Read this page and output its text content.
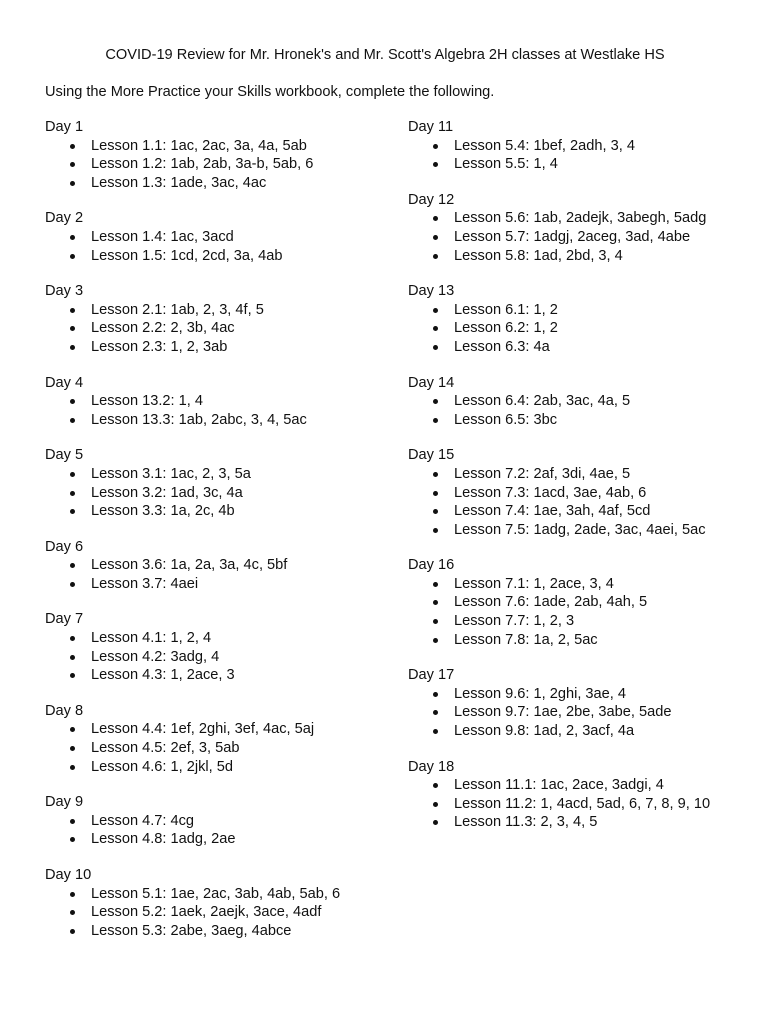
COVID-19 Review for Mr. Hronek's and Mr. Scott's Algebra 2H classes at Westlake HS

Using the More Practice your Skills workbook, complete the following.

Day 1

Lesson 1.1: 1ac, 2ac, 3a, 4a, 5ab
Lesson 1.2: 1ab, 2ab, 3a-b, 5ab, 6
Lesson 1.3: 1ade, 3ac, 4ac

Day 2

Lesson 1.4: 1ac, 3acd
Lesson 1.5: 1cd, 2cd, 3a, 4ab

Day 3

Lesson 2.1: 1ab, 2, 3, 4f, 5
Lesson 2.2: 2, 3b, 4ac
Lesson 2.3: 1, 2, 3ab

Day 4

Lesson 13.2: 1, 4
Lesson 13.3: 1ab, 2abc, 3, 4, 5ac

Day 5

Lesson 3.1: 1ac, 2, 3, 5a
Lesson 3.2: 1ad, 3c, 4a
Lesson 3.3: 1a, 2c, 4b

Day 6

Lesson 3.6: 1a, 2a, 3a, 4c, 5bf
Lesson 3.7: 4aei

Day 7

Lesson 4.1: 1, 2, 4
Lesson 4.2: 3adg, 4
Lesson 4.3: 1, 2ace, 3

Day 8

Lesson 4.4: 1ef, 2ghi, 3ef, 4ac, 5aj
Lesson 4.5: 2ef, 3, 5ab
Lesson 4.6: 1, 2jkl, 5d

Day 9

Lesson 4.7: 4cg
Lesson 4.8: 1adg, 2ae

Day 10

Lesson 5.1: 1ae, 2ac, 3ab, 4ab, 5ab, 6
Lesson 5.2: 1aek, 2aejk, 3ace, 4adf
Lesson 5.3: 2abe, 3aeg, 4abce

Day 11

Lesson 5.4: 1bef, 2adh, 3, 4
Lesson 5.5: 1, 4

Day 12

Lesson 5.6: 1ab, 2adejk, 3abegh, 5adg
Lesson 5.7: 1adgj, 2aceg, 3ad, 4abe
Lesson 5.8: 1ad, 2bd, 3, 4

Day 13

Lesson 6.1: 1, 2
Lesson 6.2: 1, 2
Lesson 6.3: 4a

Day 14

Lesson 6.4: 2ab, 3ac, 4a, 5
Lesson 6.5: 3bc

Day 15

Lesson 7.2: 2af, 3di, 4ae, 5
Lesson 7.3: 1acd, 3ae, 4ab, 6
Lesson 7.4: 1ae, 3ah, 4af, 5cd
Lesson 7.5: 1adg, 2ade, 3ac, 4aei, 5ac

Day 16

Lesson 7.1: 1, 2ace, 3, 4
Lesson 7.6: 1ade, 2ab, 4ah, 5
Lesson 7.7: 1, 2, 3
Lesson 7.8: 1a, 2, 5ac

Day 17

Lesson 9.6: 1, 2ghi, 3ae, 4
Lesson 9.7: 1ae, 2be, 3abe, 5ade
Lesson 9.8: 1ad, 2, 3acf, 4a

Day 18

Lesson 11.1: 1ac, 2ace, 3adgi, 4
Lesson 11.2: 1, 4acd, 5ad, 6, 7, 8, 9, 10
Lesson 11.3: 2, 3, 4, 5
